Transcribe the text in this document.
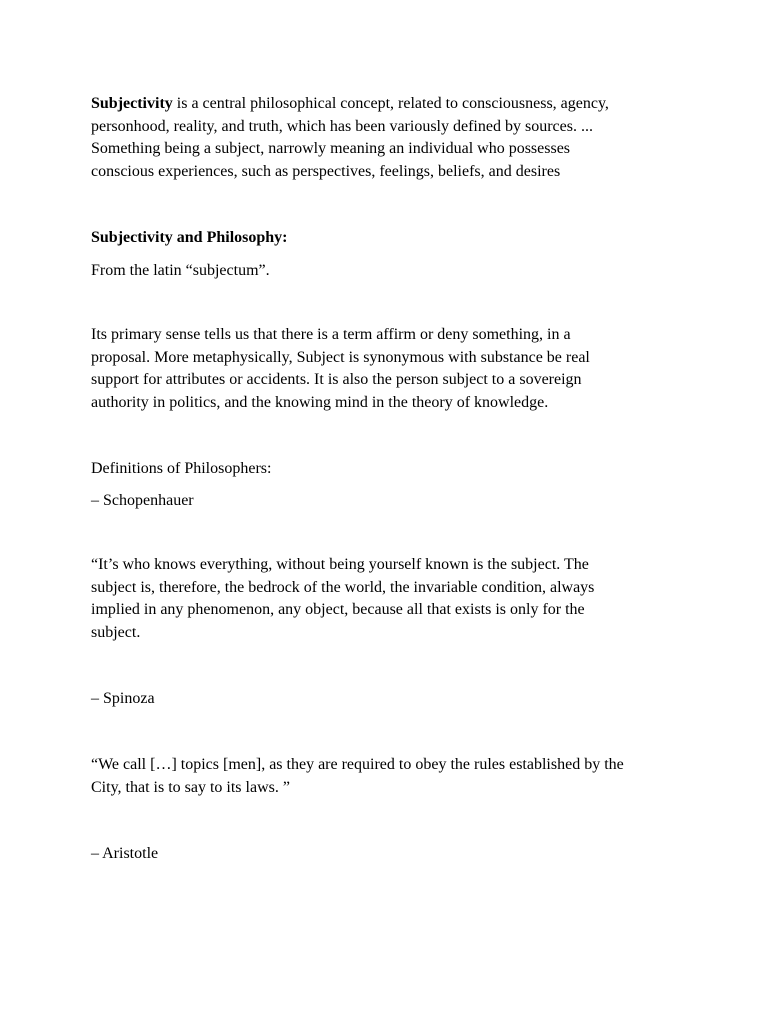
Subjectivity is a central philosophical concept, related to consciousness, agency,
personhood, reality, and truth, which has been variously defined by sources. ...
Something being a subject, narrowly meaning an individual who possesses
conscious experiences, such as perspectives, feelings, beliefs, and desires

Subjectivity and Philosophy:

From the latin “subjectum”.

Its primary sense tells us that there is a term affirm or deny something, in a
proposal. More metaphysically, Subject is synonymous with substance be real
support for attributes or accidents. It is also the person subject to a sovereign
authority in politics, and the knowing mind in the theory of knowledge.

Definitions of Philosophers:

– Schopenhauer

“It’s who knows everything, without being yourself known is the subject. The
subject is, therefore, the bedrock of the world, the invariable condition, always
implied in any phenomenon, any object, because all that exists is only for the
subject.

– Spinoza

“We call […] topics [men], as they are required to obey the rules established by the
City, that is to say to its laws. ”

– Aristotle
